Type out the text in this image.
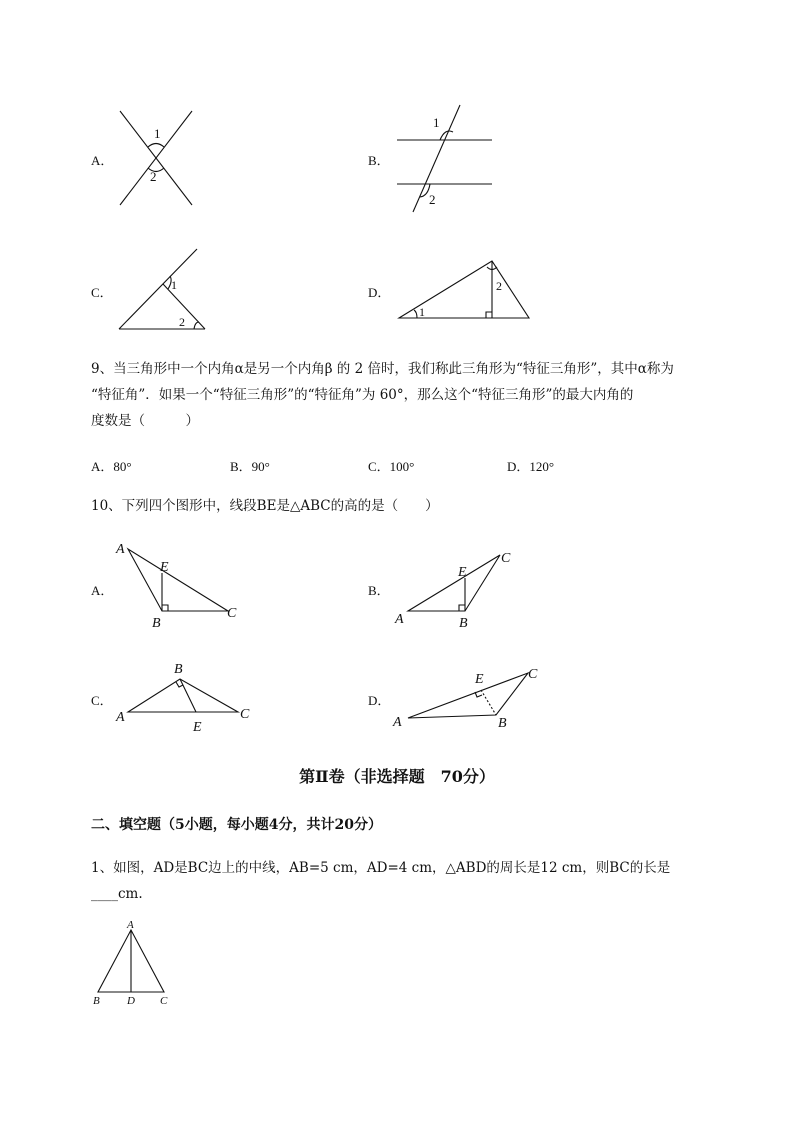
A．
1
2
B．
1
2
C．	1
2
D．
1
2
9、当三角形中一个内角α是另一个内角β 的 2 倍时，我们称此三角形为“特征三角形”，其中α称为
“特征角”．如果一个“特征三角形”的“特征角”为 60°，那么这个“特征三角形”的最大内角的
度数是（　　　）
A．80°	B．90°	C．100°	D．120°
10、下列四个图形中，线段BE是△ABC的高的是（　　）
A．
A
E
B
C
B．
A
E
B
C
C．
A
B
E
C
D．
A
E
B
C
第Ⅱ卷（非选择题　70分）
二、填空题（5小题，每小题4分，共计20分）
1、如图，AD是BC边上的中线，AB=5 cm，AD=4 cm，△ABD的周长是12 cm，则BC的长是
____cm.
A
B D C
